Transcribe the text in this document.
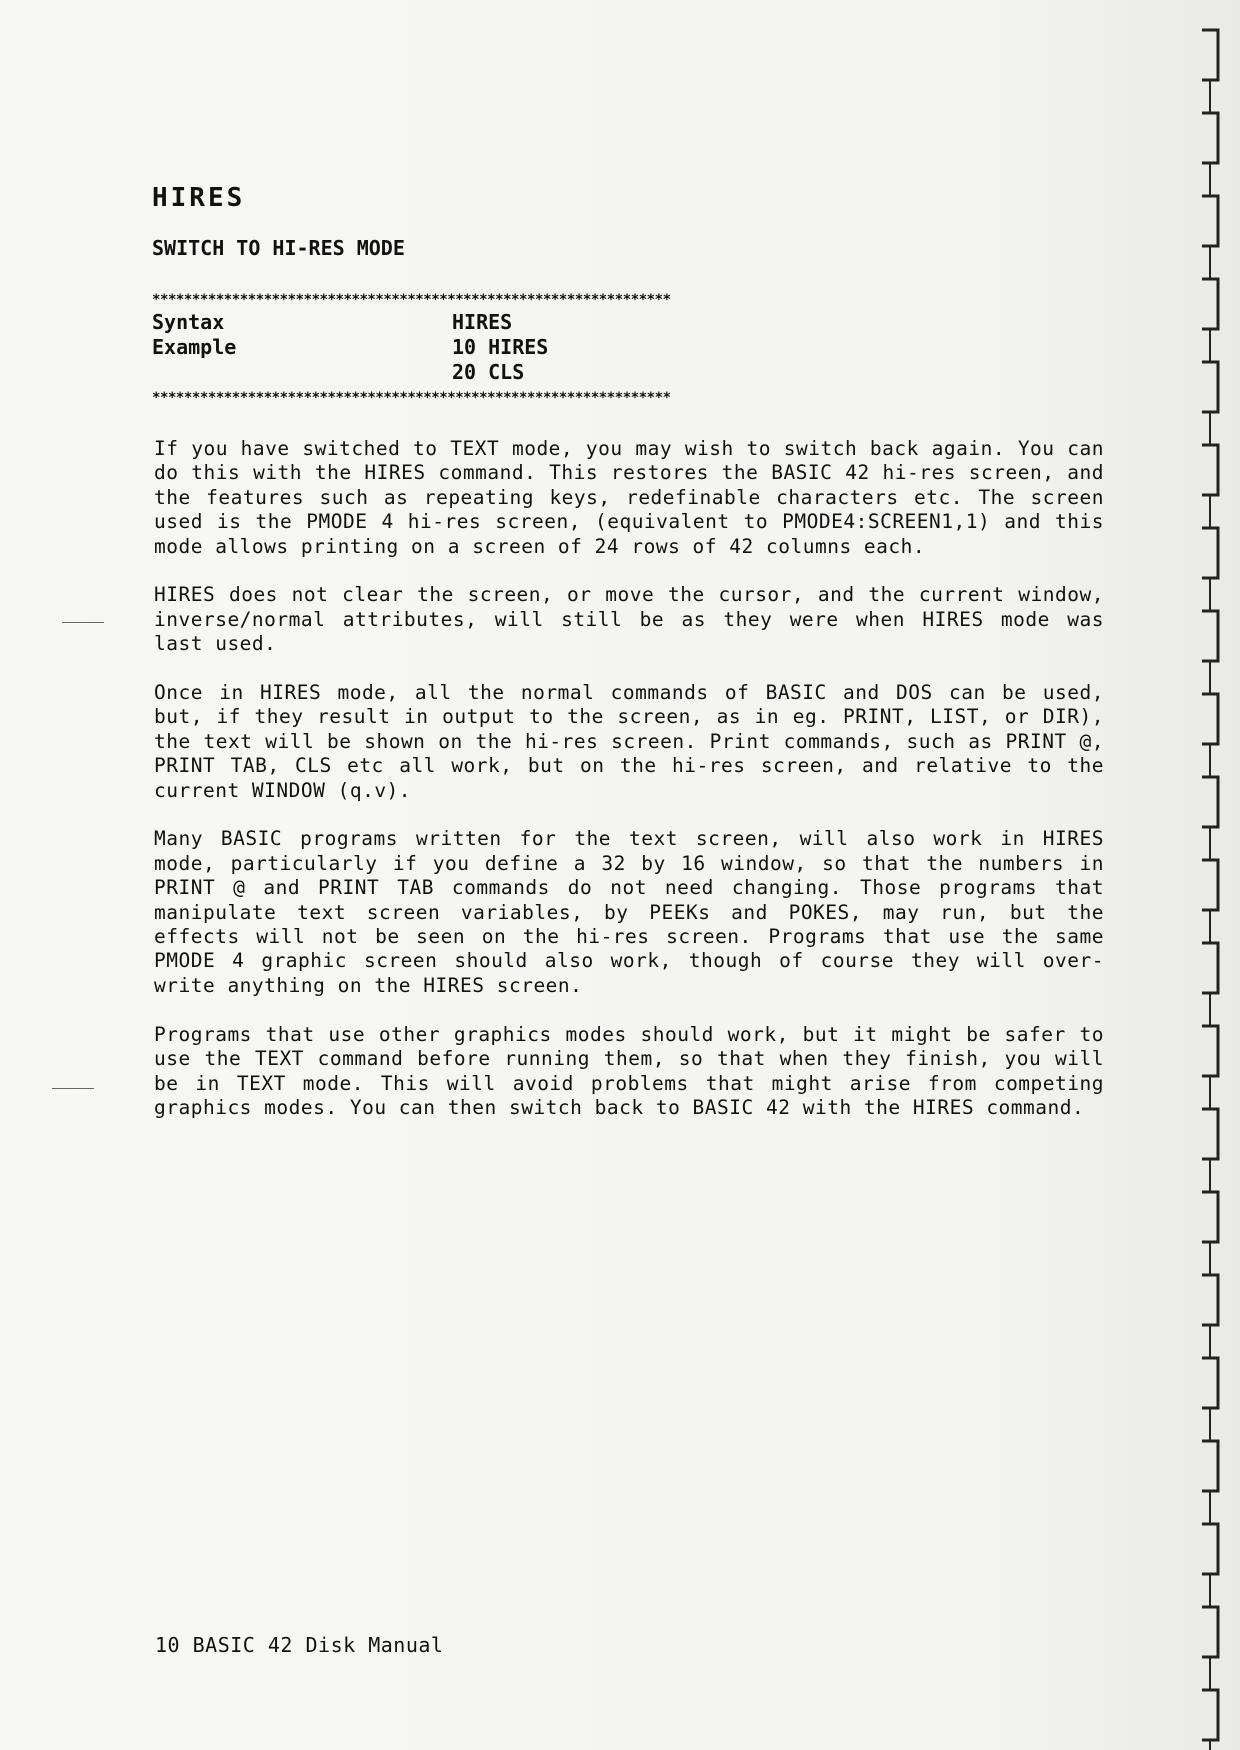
HIRES
SWITCH TO HI-RES MODE
*****************************************************************
Syntax	HIRES
Example	10 HIRES
20 CLS
*****************************************************************

If you have switched to TEXT mode, you may wish to switch back again. You can do this with the HIRES command. This restores the BASIC 42 hi-res screen, and the features such as repeating keys, redefinable characters etc. The screen used is the PMODE 4 hi-res screen, (equivalent to PMODE4:SCREEN1,1) and this mode allows printing on a screen of 24 rows of 42 columns each.

HIRES does not clear the screen, or move the cursor, and the current window, inverse/normal attributes, will still be as they were when HIRES mode was last used.

Once in HIRES mode, all the normal commands of BASIC and DOS can be used, but, if they result in output to the screen, as in eg. PRINT, LIST, or DIR), the text will be shown on the hi-res screen. Print commands, such as PRINT @, PRINT TAB, CLS etc all work, but on the hi-res screen, and relative to the current WINDOW (q.v).

Many BASIC programs written for the text screen, will also work in HIRES mode, particularly if you define a 32 by 16 window, so that the numbers in PRINT @ and PRINT TAB commands do not need changing. Those programs that manipulate text screen variables, by PEEKs and POKES, may run, but the effects will not be seen on the hi-res screen. Programs that use the same PMODE 4 graphic screen should also work, though of course they will over-write anything on the HIRES screen.

Programs that use other graphics modes should work, but it might be safer to use the TEXT command before running them, so that when they finish, you will be in TEXT mode. This will avoid problems that might arise from competing graphics modes. You can then switch back to BASIC 42 with the HIRES command.

10 BASIC 42 Disk Manual
